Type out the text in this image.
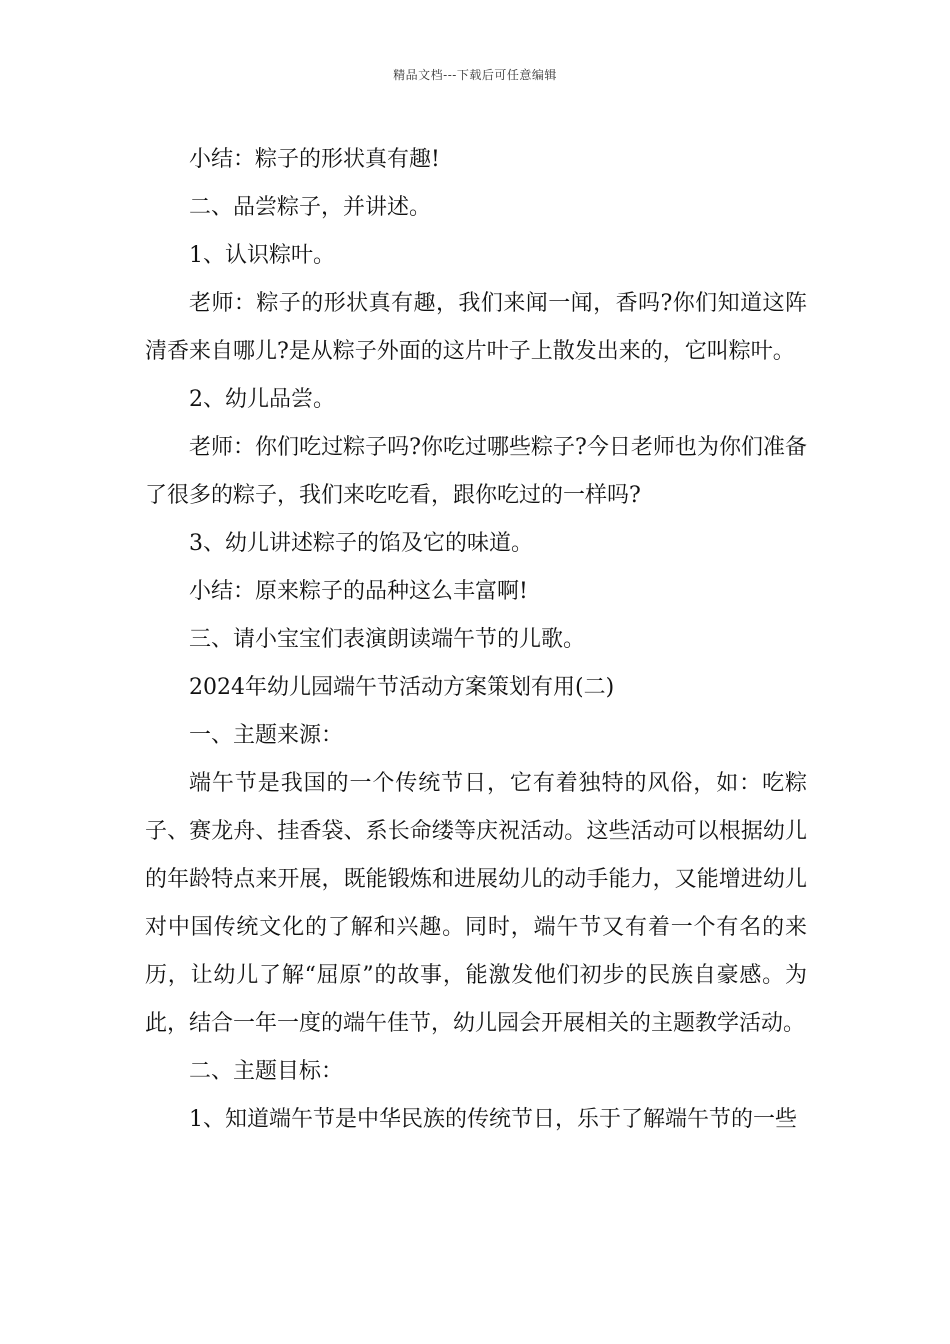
精品文档---下载后可任意编辑

小结：粽子的形状真有趣!

二、品尝粽子，并讲述。

1、认识粽叶。

老师：粽子的形状真有趣，我们来闻一闻，香吗?你们知道这阵清香来自哪儿?是从粽子外面的这片叶子上散发出来的，它叫粽叶。

2、幼儿品尝。

老师：你们吃过粽子吗?你吃过哪些粽子?今日老师也为你们准备了很多的粽子，我们来吃吃看，跟你吃过的一样吗?

3、幼儿讲述粽子的馅及它的味道。

小结：原来粽子的品种这么丰富啊!

三、请小宝宝们表演朗读端午节的儿歌。

2024年幼儿园端午节活动方案策划有用(二)

一、主题来源：

端午节是我国的一个传统节日，它有着独特的风俗，如：吃粽子、赛龙舟、挂香袋、系长命缕等庆祝活动。这些活动可以根据幼儿的年龄特点来开展，既能锻炼和进展幼儿的动手能力，又能增进幼儿对中国传统文化的了解和兴趣。同时，端午节又有着一个有名的来历，让幼儿了解“屈原”的故事，能激发他们初步的民族自豪感。为此，结合一年一度的端午佳节，幼儿园会开展相关的主题教学活动。

二、主题目标：

1、知道端午节是中华民族的传统节日，乐于了解端午节的一些
